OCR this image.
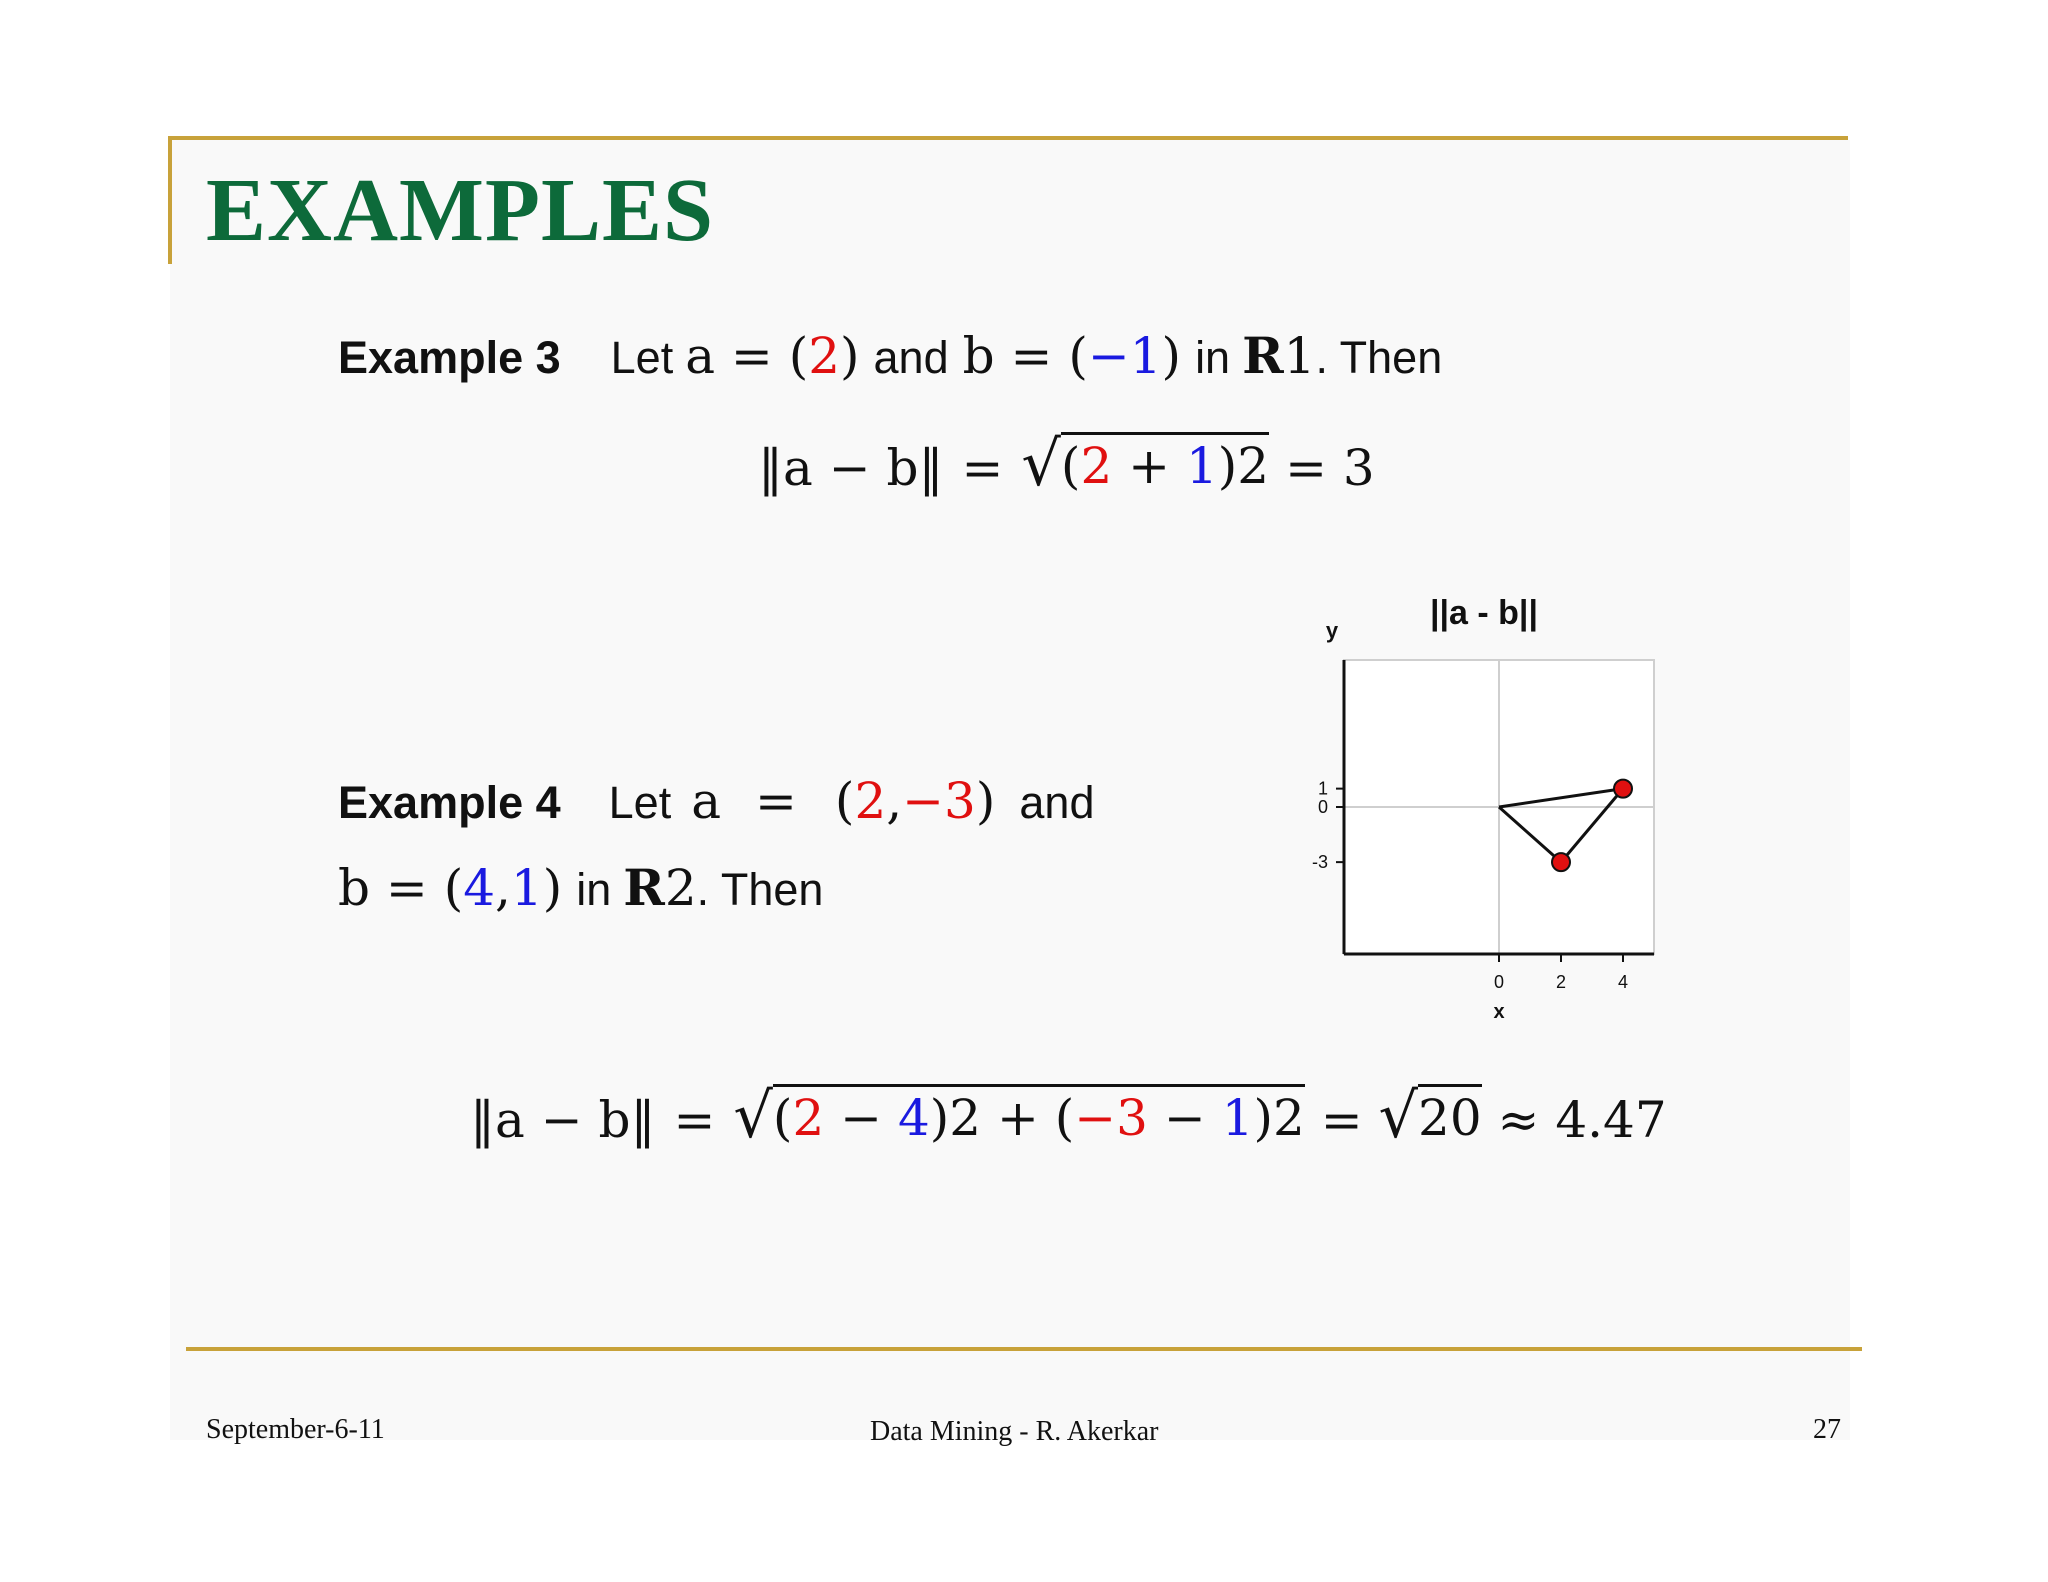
EXAMPLES
Example 3 Let a = ( 2 ) and b = ( −1 ) in R 1 . Then
‖a − b‖ = √ ( 2 + 1 ) 2 = 3
Example 4 Let a = ( 2 , −3 ) and
b = ( 4 , 1 ) in R 2 . Then
0	2	4
1
0
-3
x
y	||a - b||
‖a − b‖ = √ ( 2 − 4 ) 2 + ( −3 − 1 ) 2 = √ 20 ≈ 4.47
September-6-11	Data Mining - R. Akerkar	27
